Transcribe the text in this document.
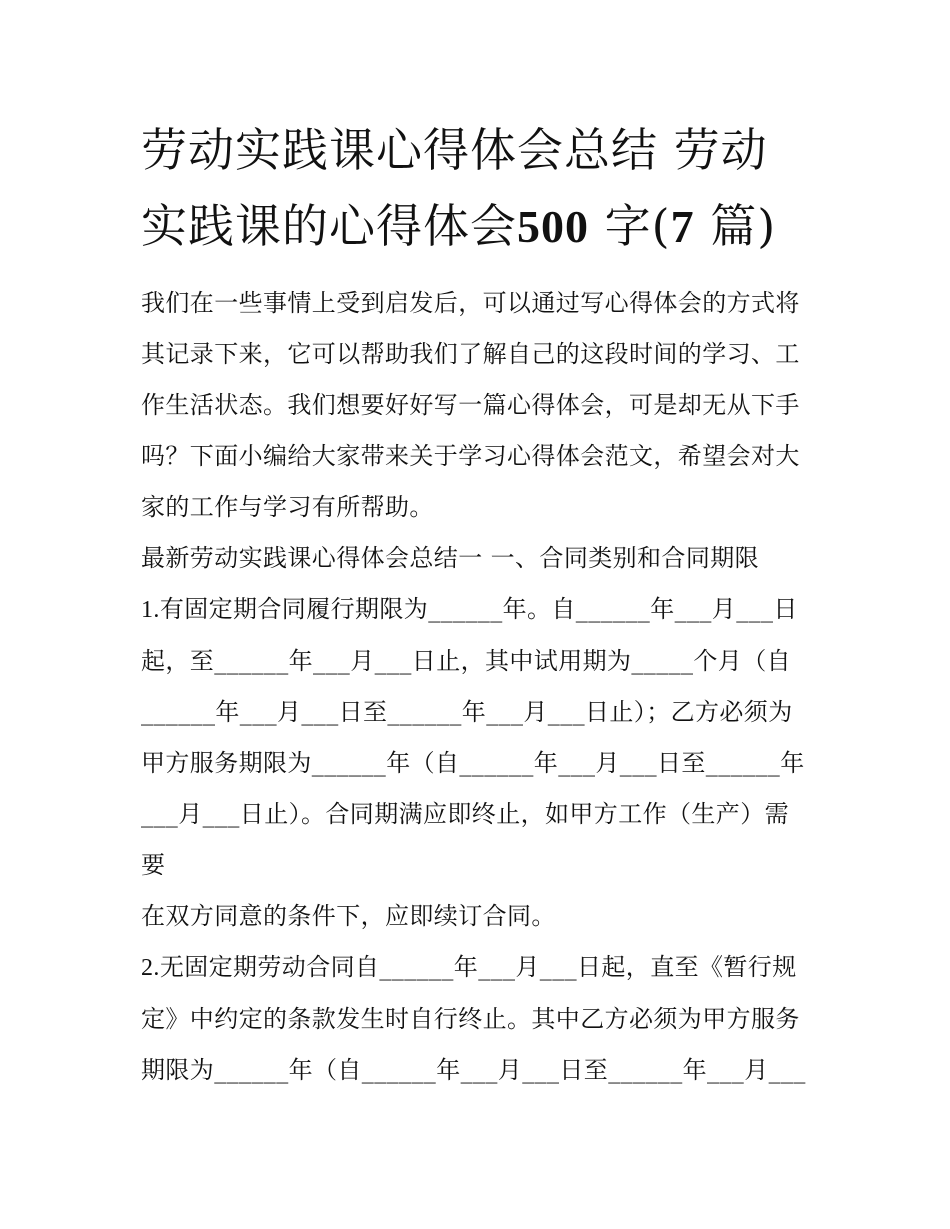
劳动实践课心得体会总结 劳动实践课的心得体会500 字(7 篇)

我们在一些事情上受到启发后，可以通过写心得体会的方式将其记录下来，它可以帮助我们了解自己的这段时间的学习、工作生活状态。我们想要好好写一篇心得体会，可是却无从下手吗？下面小编给大家带来关于学习心得体会范文，希望会对大家的工作与学习有所帮助。

最新劳动实践课心得体会总结一 一、合同类别和合同期限

1.有固定期合同履行期限为______年。自______年___月___日起，至______年___月___日止，其中试用期为_____个月（自______年___月___日至______年___月___日止）；乙方必须为甲方服务期限为______年（自______年___月___日至______年___月___日止）。合同期满应即终止，如甲方工作（生产）需要

在双方同意的条件下，应即续订合同。

2.无固定期劳动合同自______年___月___日起，直至《暂行规定》中约定的条款发生时自行终止。其中乙方必须为甲方服务期限为______年（自______年___月___日至______年___月___
